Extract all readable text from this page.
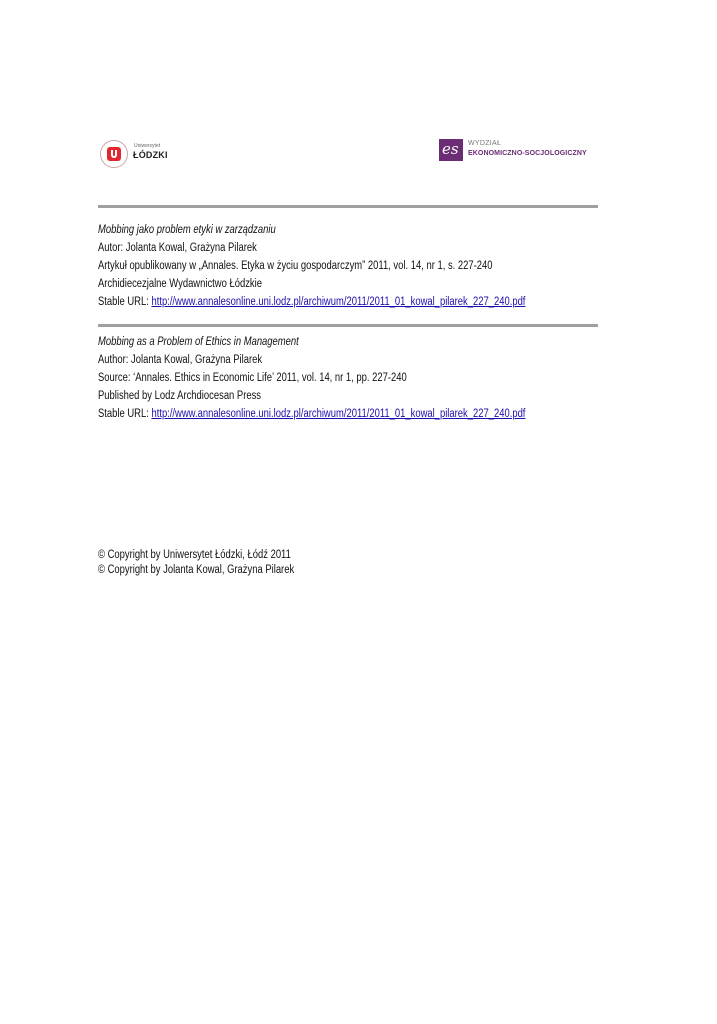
Uniwersytet
ŁÓDZKI	es WYDZIAŁ
EKONOMICZNO-SOCJOLOGICZNY
Mobbing jako problem etyki w zarządzaniu
Autor: Jolanta Kowal, Grażyna Pilarek
Artykuł opublikowany w „Annales. Etyka w życiu gospodarczym” 2011, vol. 14, nr 1, s. 227-240
Archidiecezjalne Wydawnictwo Łódzkie
Stable URL: http://www.annalesonline.uni.lodz.pl/archiwum/2011/2011_01_kowal_pilarek_227_240.pdf
Mobbing as a Problem of Ethics in Management
Author: Jolanta Kowal, Grażyna Pilarek
Source: ‘Annales. Ethics in Economic Life’ 2011, vol. 14, nr 1, pp. 227-240
Published by Lodz Archdiocesan Press
Stable URL: http://www.annalesonline.uni.lodz.pl/archiwum/2011/2011_01_kowal_pilarek_227_240.pdf
© Copyright by Uniwersytet Łódzki, Łódź 2011
© Copyright by Jolanta Kowal, Grażyna Pilarek
